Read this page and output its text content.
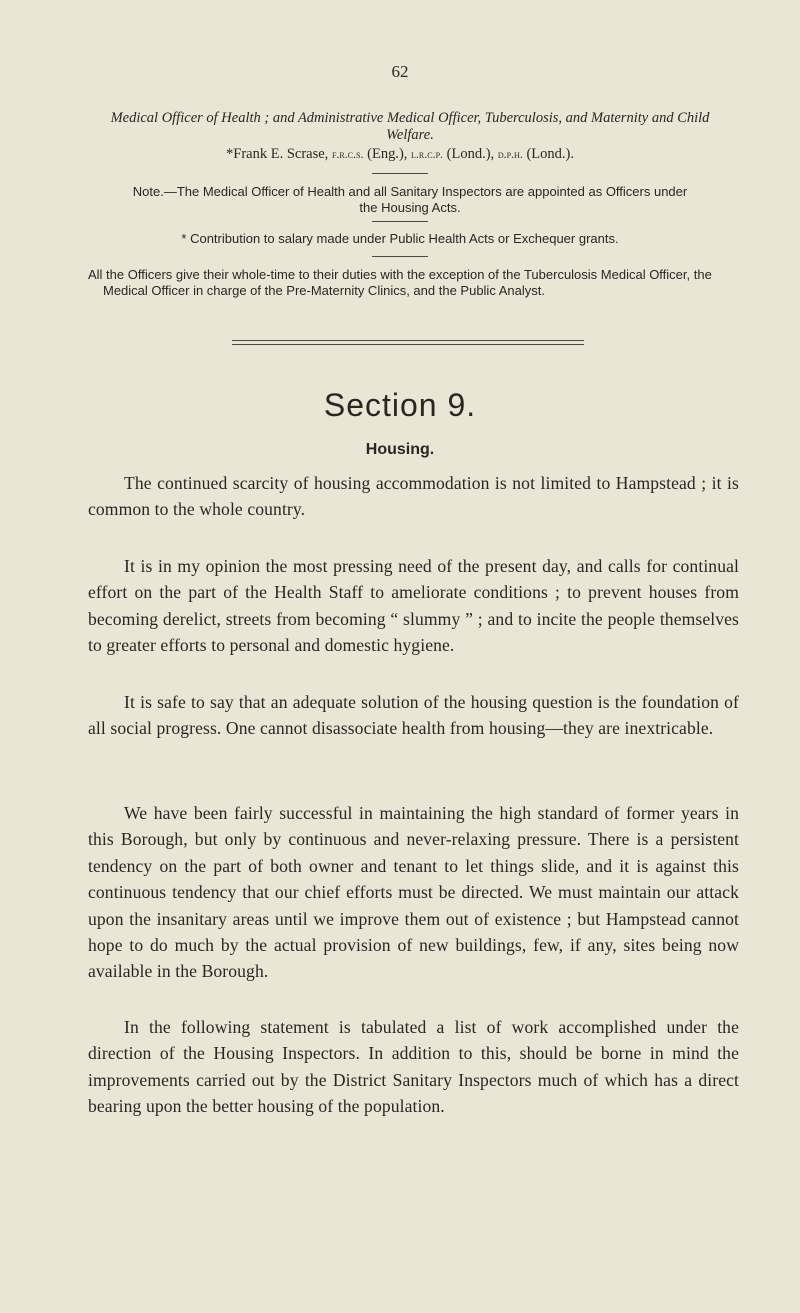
62
Medical Officer of Health ; and Administrative Medical Officer, Tuberculosis, and Maternity and Child Welfare.
*Frank E. Scrase, f.r.c.s. (Eng.), l.r.c.p. (Lond.), d.p.h. (Lond.).
Note.—The Medical Officer of Health and all Sanitary Inspectors are appointed as Officers under the Housing Acts.
* Contribution to salary made under Public Health Acts or Exchequer grants.
All the Officers give their whole-time to their duties with the exception of the Tuberculosis Medical Officer, the Medical Officer in charge of the Pre-Maternity Clinics, and the Public Analyst.
Section 9.
Housing.

The continued scarcity of housing accommodation is not limited to Hampstead ; it is common to the whole country.

It is in my opinion the most pressing need of the present day, and calls for continual effort on the part of the Health Staff to ameliorate conditions ; to prevent houses from becoming derelict, streets from becoming “ slummy ” ; and to incite the people themselves to greater efforts to personal and domestic hygiene.

It is safe to say that an adequate solution of the housing question is the foundation of all social progress. One cannot disassociate health from housing—they are inextricable.

We have been fairly successful in maintaining the high standard of former years in this Borough, but only by continuous and never-relaxing pressure. There is a persistent tendency on the part of both owner and tenant to let things slide, and it is against this continuous tendency that our chief efforts must be directed. We must maintain our attack upon the insanitary areas until we improve them out of existence ; but Hampstead cannot hope to do much by the actual provision of new buildings, few, if any, sites being now available in the Borough.

In the following statement is tabulated a list of work accomplished under the direction of the Housing Inspectors. In addition to this, should be borne in mind the improvements carried out by the District Sanitary Inspectors much of which has a direct bearing upon the better housing of the population.
